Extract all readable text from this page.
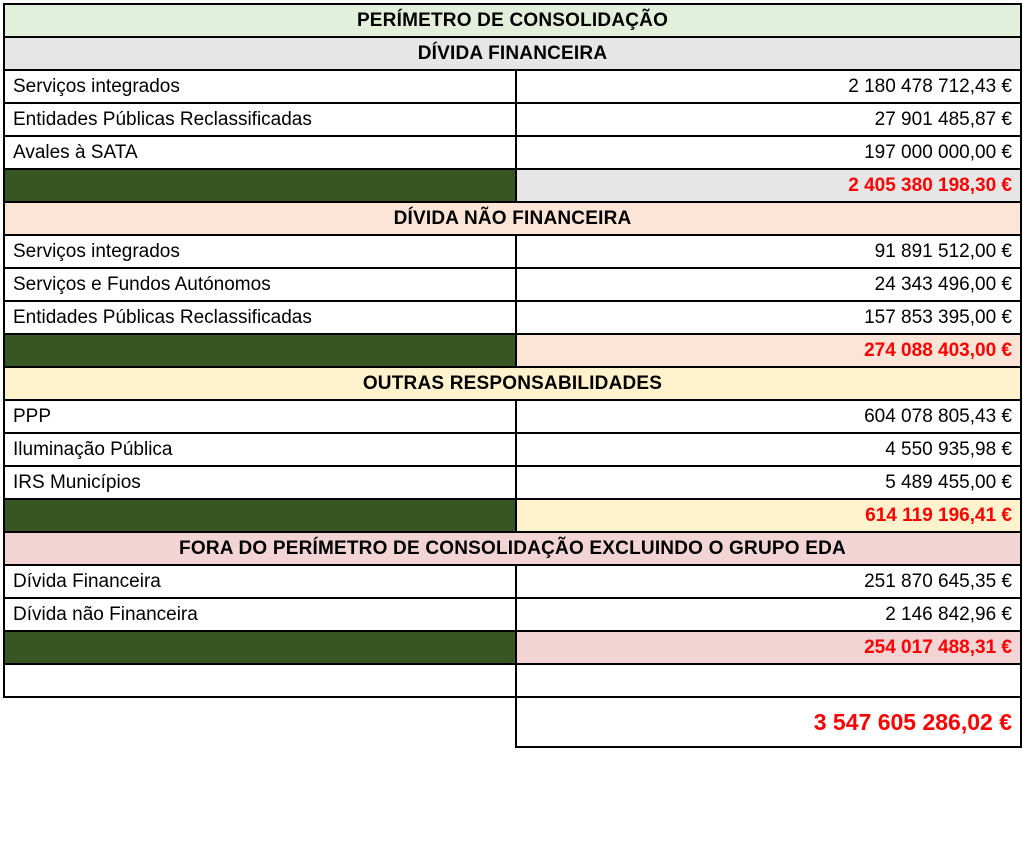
PERÍMETRO DE CONSOLIDAÇÃO	
DÍVIDA FINANCEIRA	
Serviços integrados	2 180 478 712,43 €
Entidades Públicas Reclassificadas	27 901 485,87 €
Avales à SATA	197 000 000,00 €
	2 405 380 198,30 €
DÍVIDA NÃO FINANCEIRA	
Serviços integrados	91 891 512,00 €
Serviços e Fundos Autónomos	24 343 496,00 €
Entidades Públicas Reclassificadas	157 853 395,00 €
	274 088 403,00 €
OUTRAS RESPONSABILIDADES	
PPP	604 078 805,43 €
Iluminação Pública	4 550 935,98 €
IRS Municípios	5 489 455,00 €
	614 119 196,41 €
FORA DO PERÍMETRO DE CONSOLIDAÇÃO EXCLUINDO O GRUPO EDA	
Dívida Financeira	251 870 645,35 €
Dívida não Financeira	2 146 842,96 €
	254 017 488,31 €

	3 547 605 286,02 €
